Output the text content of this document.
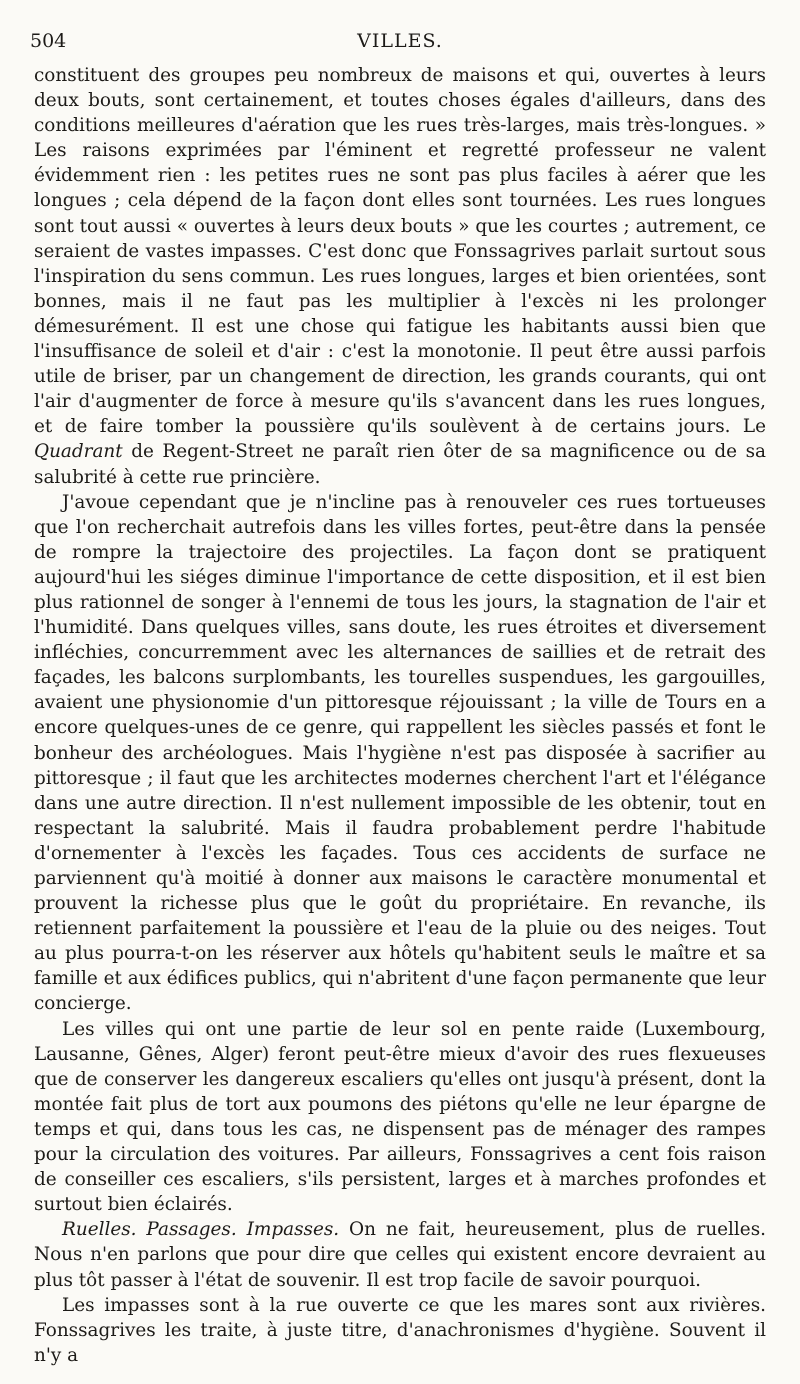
504	VILLES.

constituent des groupes peu nombreux de maisons et qui, ouvertes à leurs deux bouts, sont certainement, et toutes choses égales d'ailleurs, dans des conditions meilleures d'aération que les rues très-larges, mais très-longues. » Les raisons exprimées par l'éminent et regretté professeur ne valent évidemment rien : les petites rues ne sont pas plus faciles à aérer que les longues ; cela dépend de la façon dont elles sont tournées. Les rues longues sont tout aussi « ouvertes à leurs deux bouts » que les courtes ; autrement, ce seraient de vastes impasses. C'est donc que Fonssagrives parlait surtout sous l'inspiration du sens commun. Les rues longues, larges et bien orientées, sont bonnes, mais il ne faut pas les multiplier à l'excès ni les prolonger démesurément. Il est une chose qui fatigue les habitants aussi bien que l'insuffisance de soleil et d'air : c'est la monotonie. Il peut être aussi parfois utile de briser, par un changement de direction, les grands courants, qui ont l'air d'augmenter de force à mesure qu'ils s'avancent dans les rues longues, et de faire tomber la poussière qu'ils soulèvent à de certains jours. Le Quadrant de Regent-Street ne paraît rien ôter de sa magnificence ou de sa salubrité à cette rue princière.

J'avoue cependant que je n'incline pas à renouveler ces rues tortueuses que l'on recherchait autrefois dans les villes fortes, peut-être dans la pensée de rompre la trajectoire des projectiles. La façon dont se pratiquent aujourd'hui les siéges diminue l'importance de cette disposition, et il est bien plus rationnel de songer à l'ennemi de tous les jours, la stagnation de l'air et l'humidité. Dans quelques villes, sans doute, les rues étroites et diversement infléchies, concurremment avec les alternances de saillies et de retrait des façades, les balcons surplombants, les tourelles suspendues, les gargouilles, avaient une physionomie d'un pittoresque réjouissant ; la ville de Tours en a encore quelques-unes de ce genre, qui rappellent les siècles passés et font le bonheur des archéologues. Mais l'hygiène n'est pas disposée à sacrifier au pittoresque ; il faut que les architectes modernes cherchent l'art et l'élégance dans une autre direction. Il n'est nullement impossible de les obtenir, tout en respectant la salubrité. Mais il faudra probablement perdre l'habitude d'ornementer à l'excès les façades. Tous ces accidents de surface ne parviennent qu'à moitié à donner aux maisons le caractère monumental et prouvent la richesse plus que le goût du propriétaire. En revanche, ils retiennent parfaitement la poussière et l'eau de la pluie ou des neiges. Tout au plus pourra-t-on les réserver aux hôtels qu'habitent seuls le maître et sa famille et aux édifices publics, qui n'abritent d'une façon permanente que leur concierge.

Les villes qui ont une partie de leur sol en pente raide (Luxembourg, Lausanne, Gênes, Alger) feront peut-être mieux d'avoir des rues flexueuses que de conserver les dangereux escaliers qu'elles ont jusqu'à présent, dont la montée fait plus de tort aux poumons des piétons qu'elle ne leur épargne de temps et qui, dans tous les cas, ne dispensent pas de ménager des rampes pour la circulation des voitures. Par ailleurs, Fonssagrives a cent fois raison de conseiller ces escaliers, s'ils persistent, larges et à marches profondes et surtout bien éclairés.

Ruelles. Passages. Impasses. On ne fait, heureusement, plus de ruelles. Nous n'en parlons que pour dire que celles qui existent encore devraient au plus tôt passer à l'état de souvenir. Il est trop facile de savoir pourquoi.

Les impasses sont à la rue ouverte ce que les mares sont aux rivières. Fonssagrives les traite, à juste titre, d'anachronismes d'hygiène. Souvent il n'y a
